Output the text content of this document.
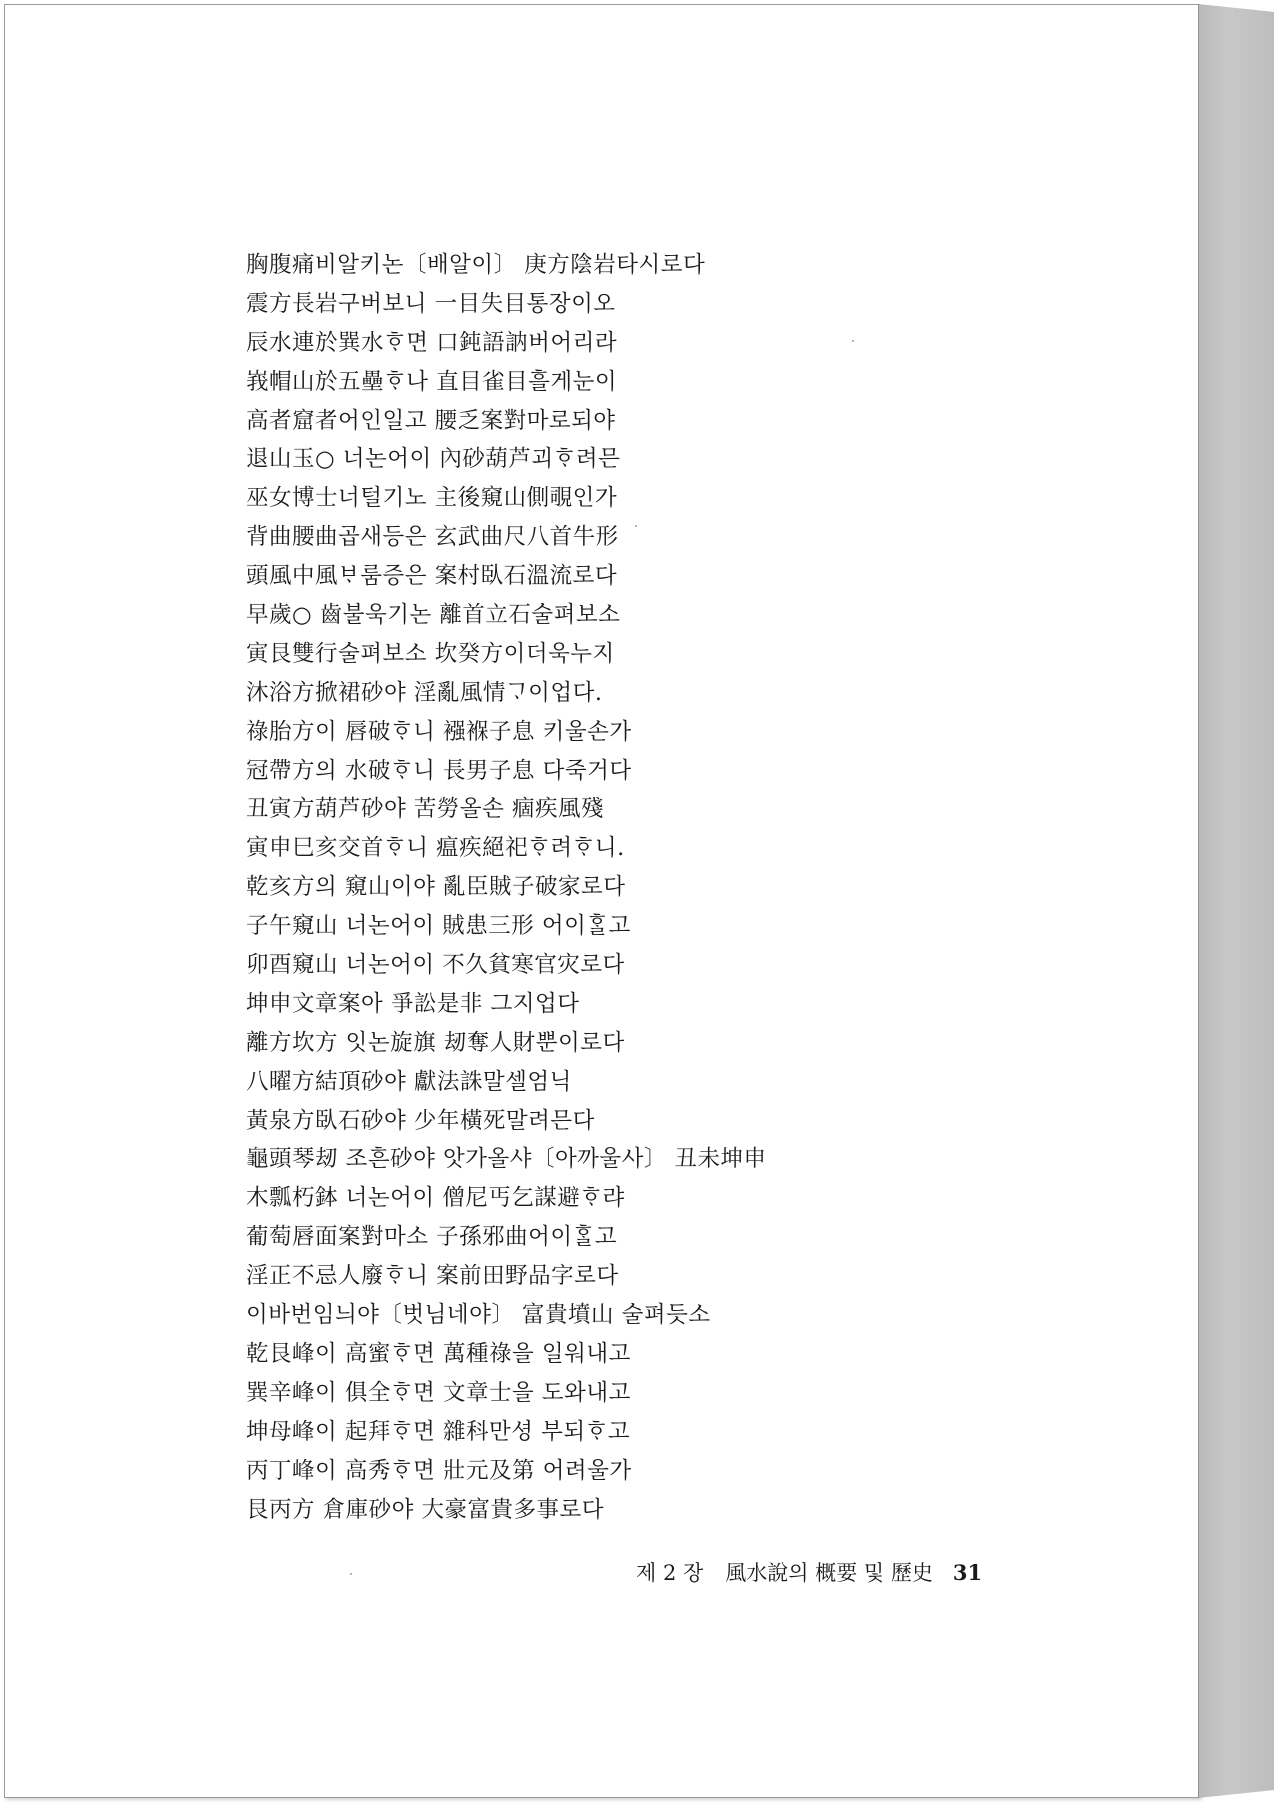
胸腹痛비알키논〔배알이〕 庚方陰岩타시로다
震方長岩구버보니 一目失目통장이오
辰水連於巽水ᄒᆞ면 口鈍語訥버어리라
峩帽山於五壘ᄒᆞ나 直目雀目흘게눈이
高者窟者어인일고 腰乏案對마로되야
退山玉○ 너논어이 內砂葫芦괴ᄒᆞ려믄
巫女博士너털기노 主後窺山側覗인가
背曲腰曲곱새등은 玄武曲尺八首牛形
頭風中風ᄇᆞ룸증은 案村臥石溫流로다
早歲○ 齒불욱기논 離首立石술펴보소
寅艮雙行술펴보소 坎癸方이더욱누지
沐浴方掀裙砂야 淫亂風情ᄀᆞ이업다.
祿胎方이 唇破ᄒᆞ니 襁褓子息 키울손가
冠帶方의 水破ᄒᆞ니 長男子息 다죽거다
丑寅方葫芦砂야 苦勞올손 痼疾風殘
寅申巳亥交首ᄒᆞ니 瘟疾絕祀ᄒᆞ려ᄒᆞ니.
乾亥方의 窺山이야 亂臣賊子破家로다
子午窺山 너논어이 賊患三形 어이ᄒᆞᆯ고
卯酉窺山 너논어이 不久貧寒官灾로다
坤申文章案아 爭訟是非 그지업다
離方坎方 잇논旋旗 刼奪人財뿐이로다
八曜方結頂砂야 獻法誅말셀엄닉
黃泉方臥石砂야 少年橫死말려믄다
龜頭琴刼 조흔砂야 앗가올샤〔아까울사〕 丑未坤申
木瓢朽鉢 너논어이 僧尼丐乞謀避ᄒᆞ랴
葡萄唇面案對마소 子孫邪曲어이ᄒᆞᆯ고
淫正不忌人廢ᄒᆞ니 案前田野品字로다
이바번임늬야〔벗님네야〕 富貴墳山 술펴듯소
乾艮峰이 高蜜ᄒᆞ면 萬種祿을 일워내고
巽辛峰이 俱全ᄒᆞ면 文章士을 도와내고
坤母峰이 起拜ᄒᆞ면 雜科만셩 부되ᄒᆞ고
丙丁峰이 高秀ᄒᆞ면 壯元及第 어려울가
艮丙方 倉庫砂야 大豪富貴多事로다
제 2 장 風水說의 概要 및 歷史 31
